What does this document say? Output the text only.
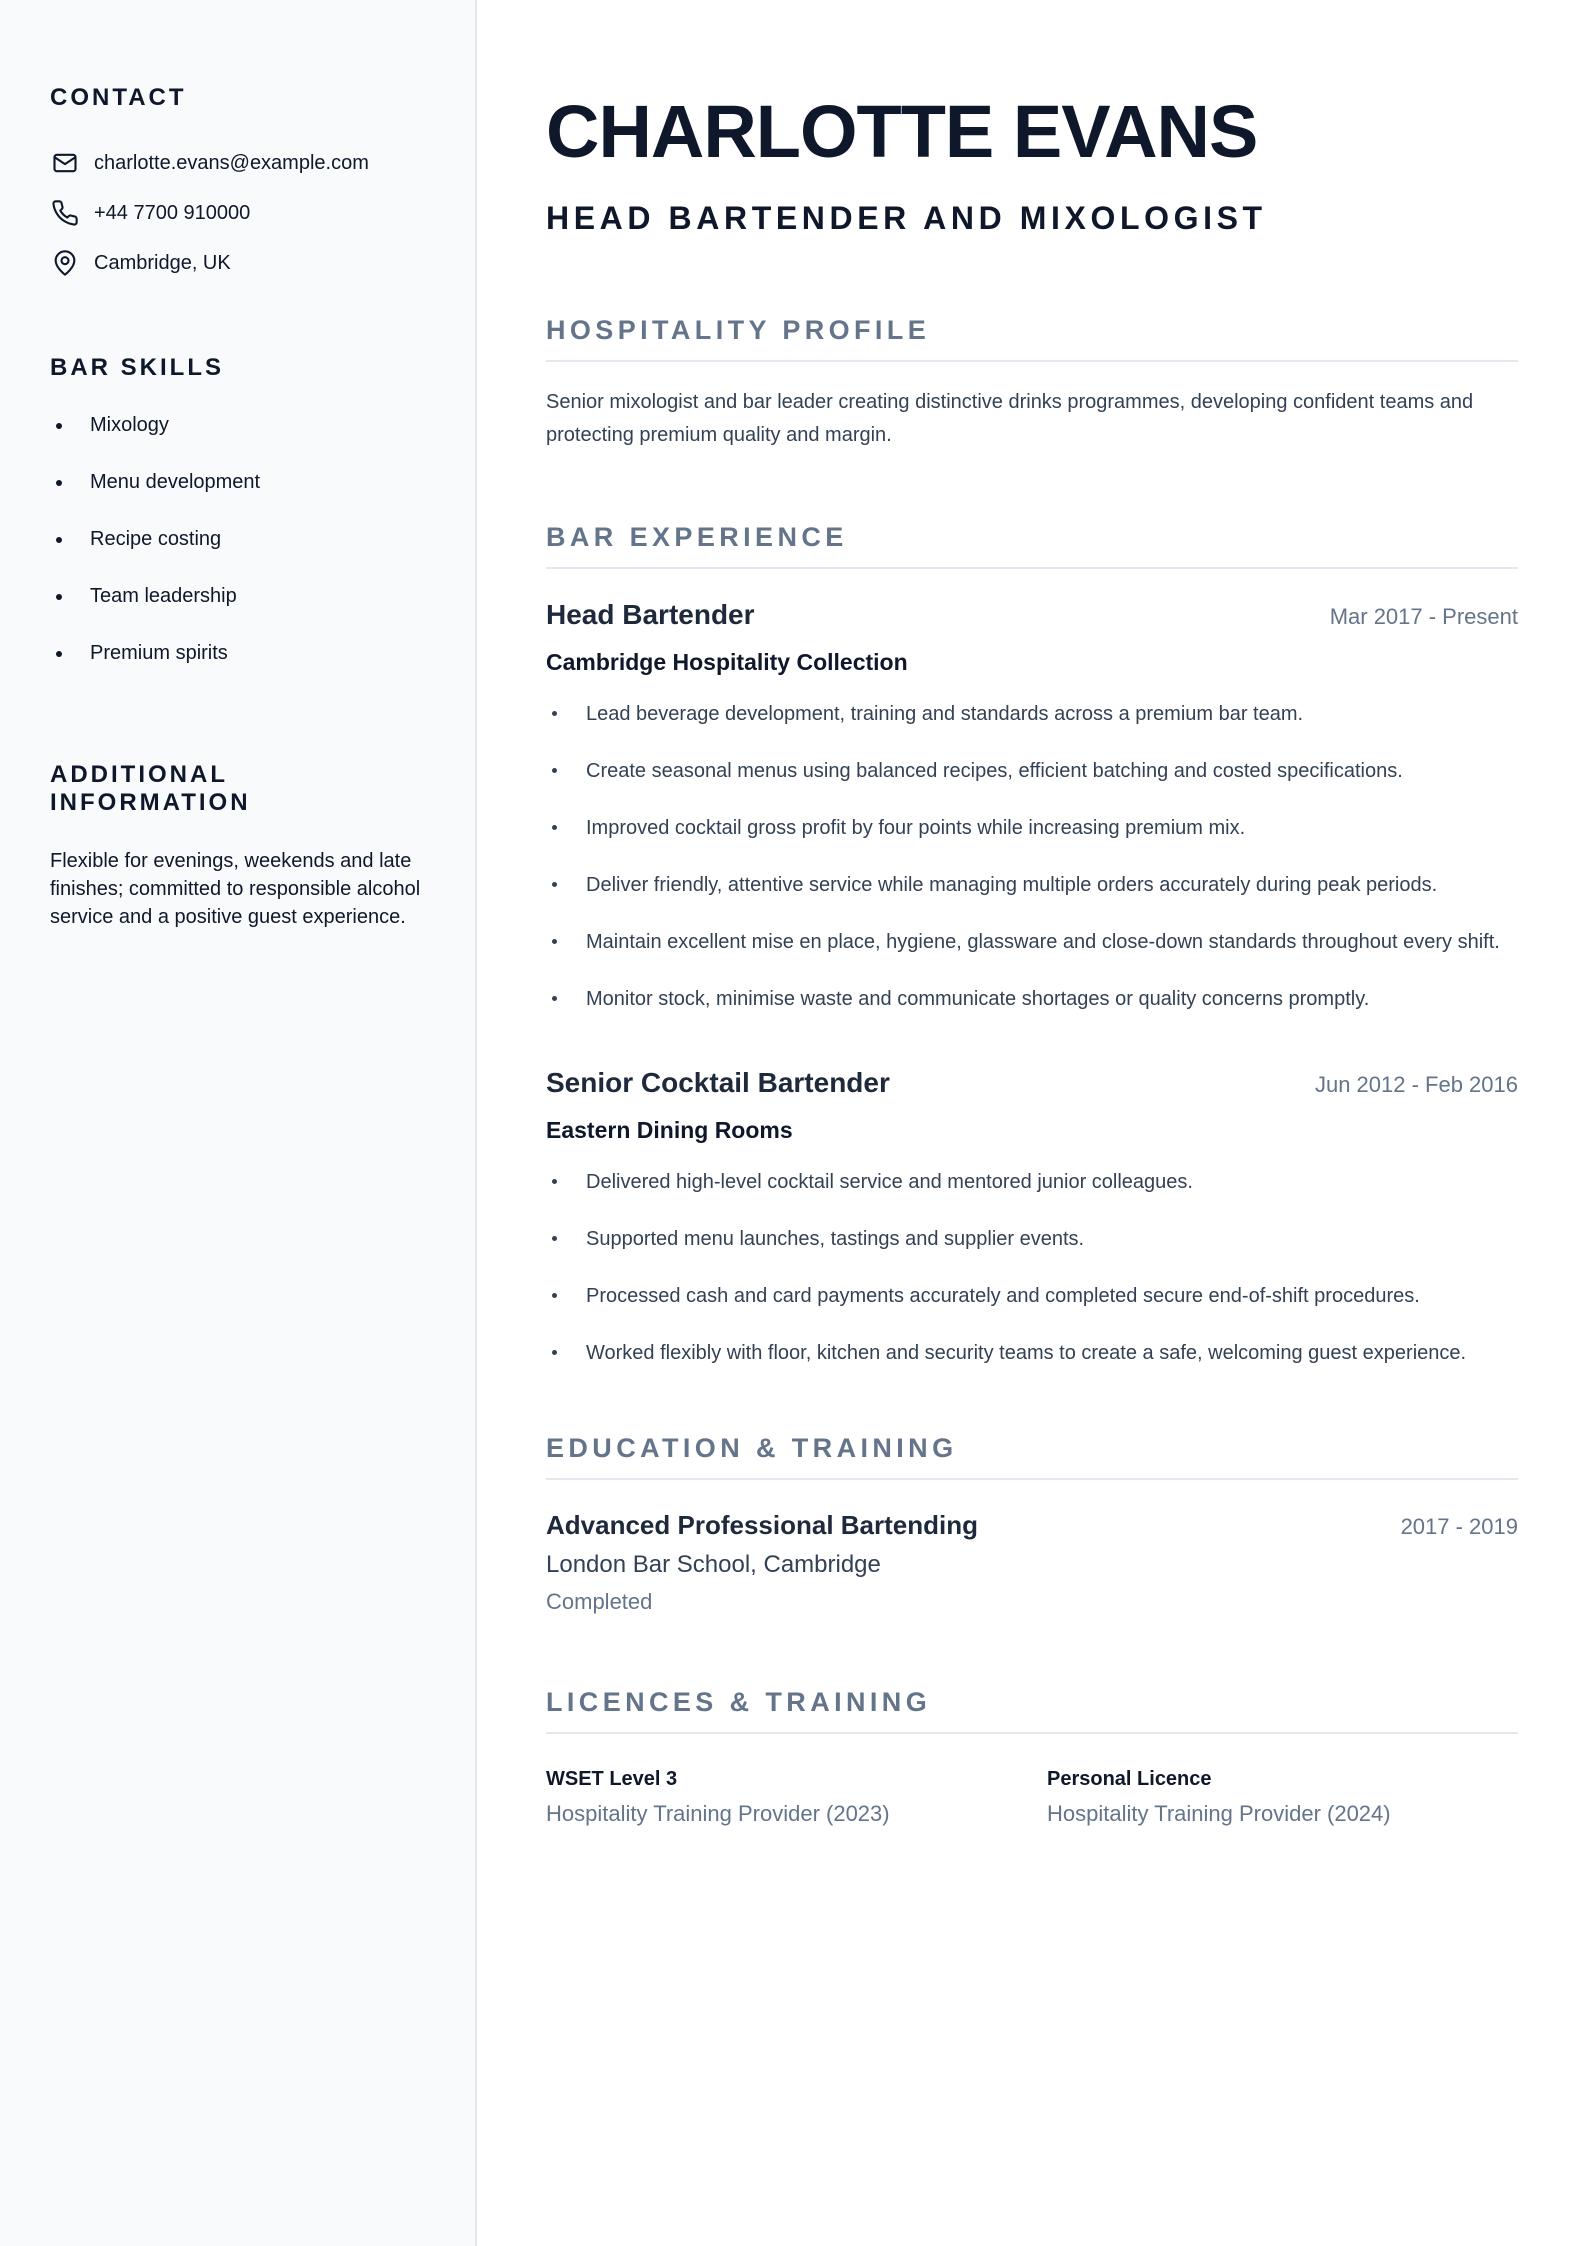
CONTACT
charlotte.evans@example.com
+44 7700 910000
Cambridge, UK
BAR SKILLS
Mixology
Menu development
Recipe costing
Team leadership
Premium spirits
ADDITIONAL INFORMATION

Flexible for evenings, weekends and late finishes; committed to responsible alcohol service and a positive guest experience.

CHARLOTTE EVANS
HEAD BARTENDER AND MIXOLOGIST
HOSPITALITY PROFILE

Senior mixologist and bar leader creating distinctive drinks programmes, developing confident teams and protecting premium quality and margin.

BAR EXPERIENCE
Head Bartender	Mar 2017 - Present
Cambridge Hospitality Collection
Lead beverage development, training and standards across a premium bar team.
Create seasonal menus using balanced recipes, efficient batching and costed specifications.
Improved cocktail gross profit by four points while increasing premium mix.
Deliver friendly, attentive service while managing multiple orders accurately during peak periods.
Maintain excellent mise en place, hygiene, glassware and close-down standards throughout every shift.
Monitor stock, minimise waste and communicate shortages or quality concerns promptly.
Senior Cocktail Bartender	Jun 2012 - Feb 2016
Eastern Dining Rooms
Delivered high-level cocktail service and mentored junior colleagues.
Supported menu launches, tastings and supplier events.
Processed cash and card payments accurately and completed secure end-of-shift procedures.
Worked flexibly with floor, kitchen and security teams to create a safe, welcoming guest experience.
EDUCATION & TRAINING
Advanced Professional Bartending	2017 - 2019
London Bar School, Cambridge
Completed
LICENCES & TRAINING
WSET Level 3
Hospitality Training Provider (2023)
Personal Licence
Hospitality Training Provider (2024)
